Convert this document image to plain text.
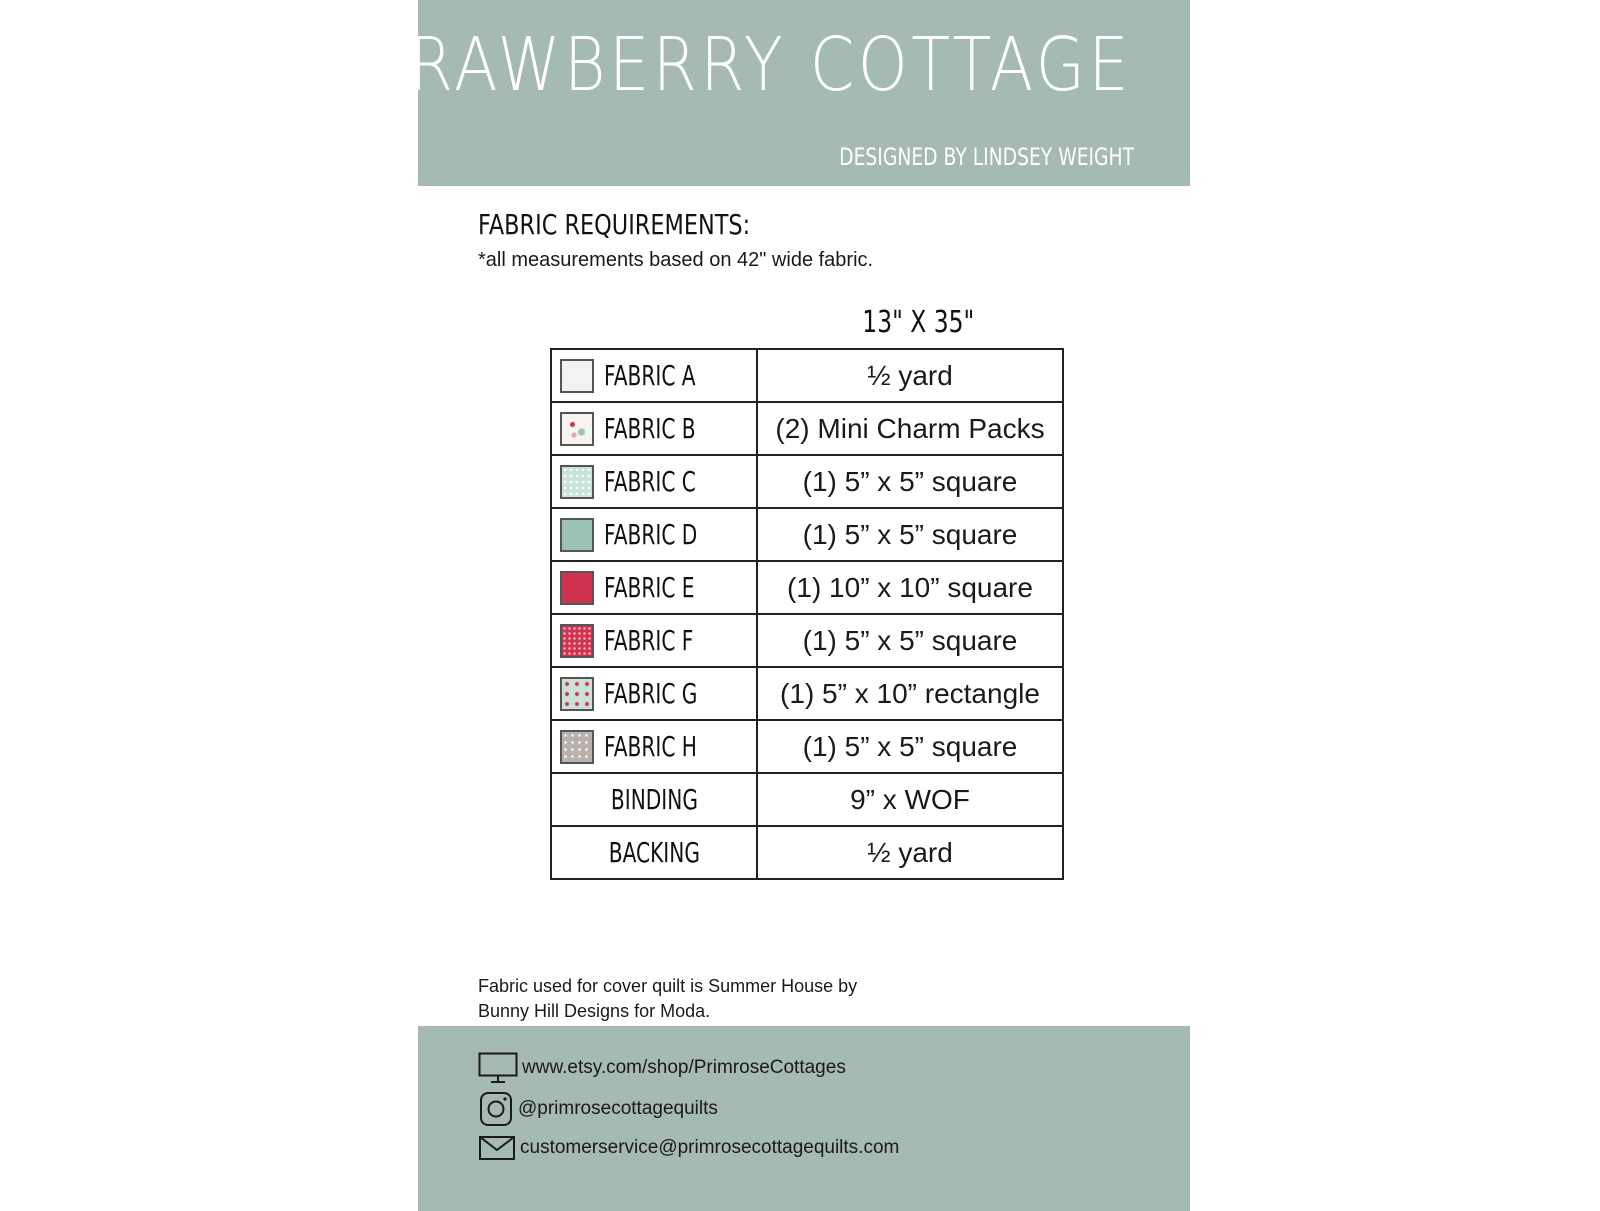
STRAWBERRY COTTAGE
DESIGNED BY LINDSEY WEIGHT
FABRIC REQUIREMENTS:
*all measurements based on 42" wide fabric.
13" X 35"
FABRIC A	½ yard

FABRIC B	(2) Mini Charm Packs

FABRIC C	(1) 5” x 5” square

FABRIC D	(1) 5” x 5” square

FABRIC E	(1) 10” x 10” square

FABRIC F	(1) 5” x 5” square

FABRIC G	(1) 5” x 10” rectangle

FABRIC H	(1) 5” x 5” square

BINDING	9” x WOF

BACKING	½ yard
Fabric used for cover quilt is Summer House by
Bunny Hill Designs for Moda.
www.etsy.com/shop/PrimroseCottages
@primrosecottagequilts
customerservice@primrosecottagequilts.com
